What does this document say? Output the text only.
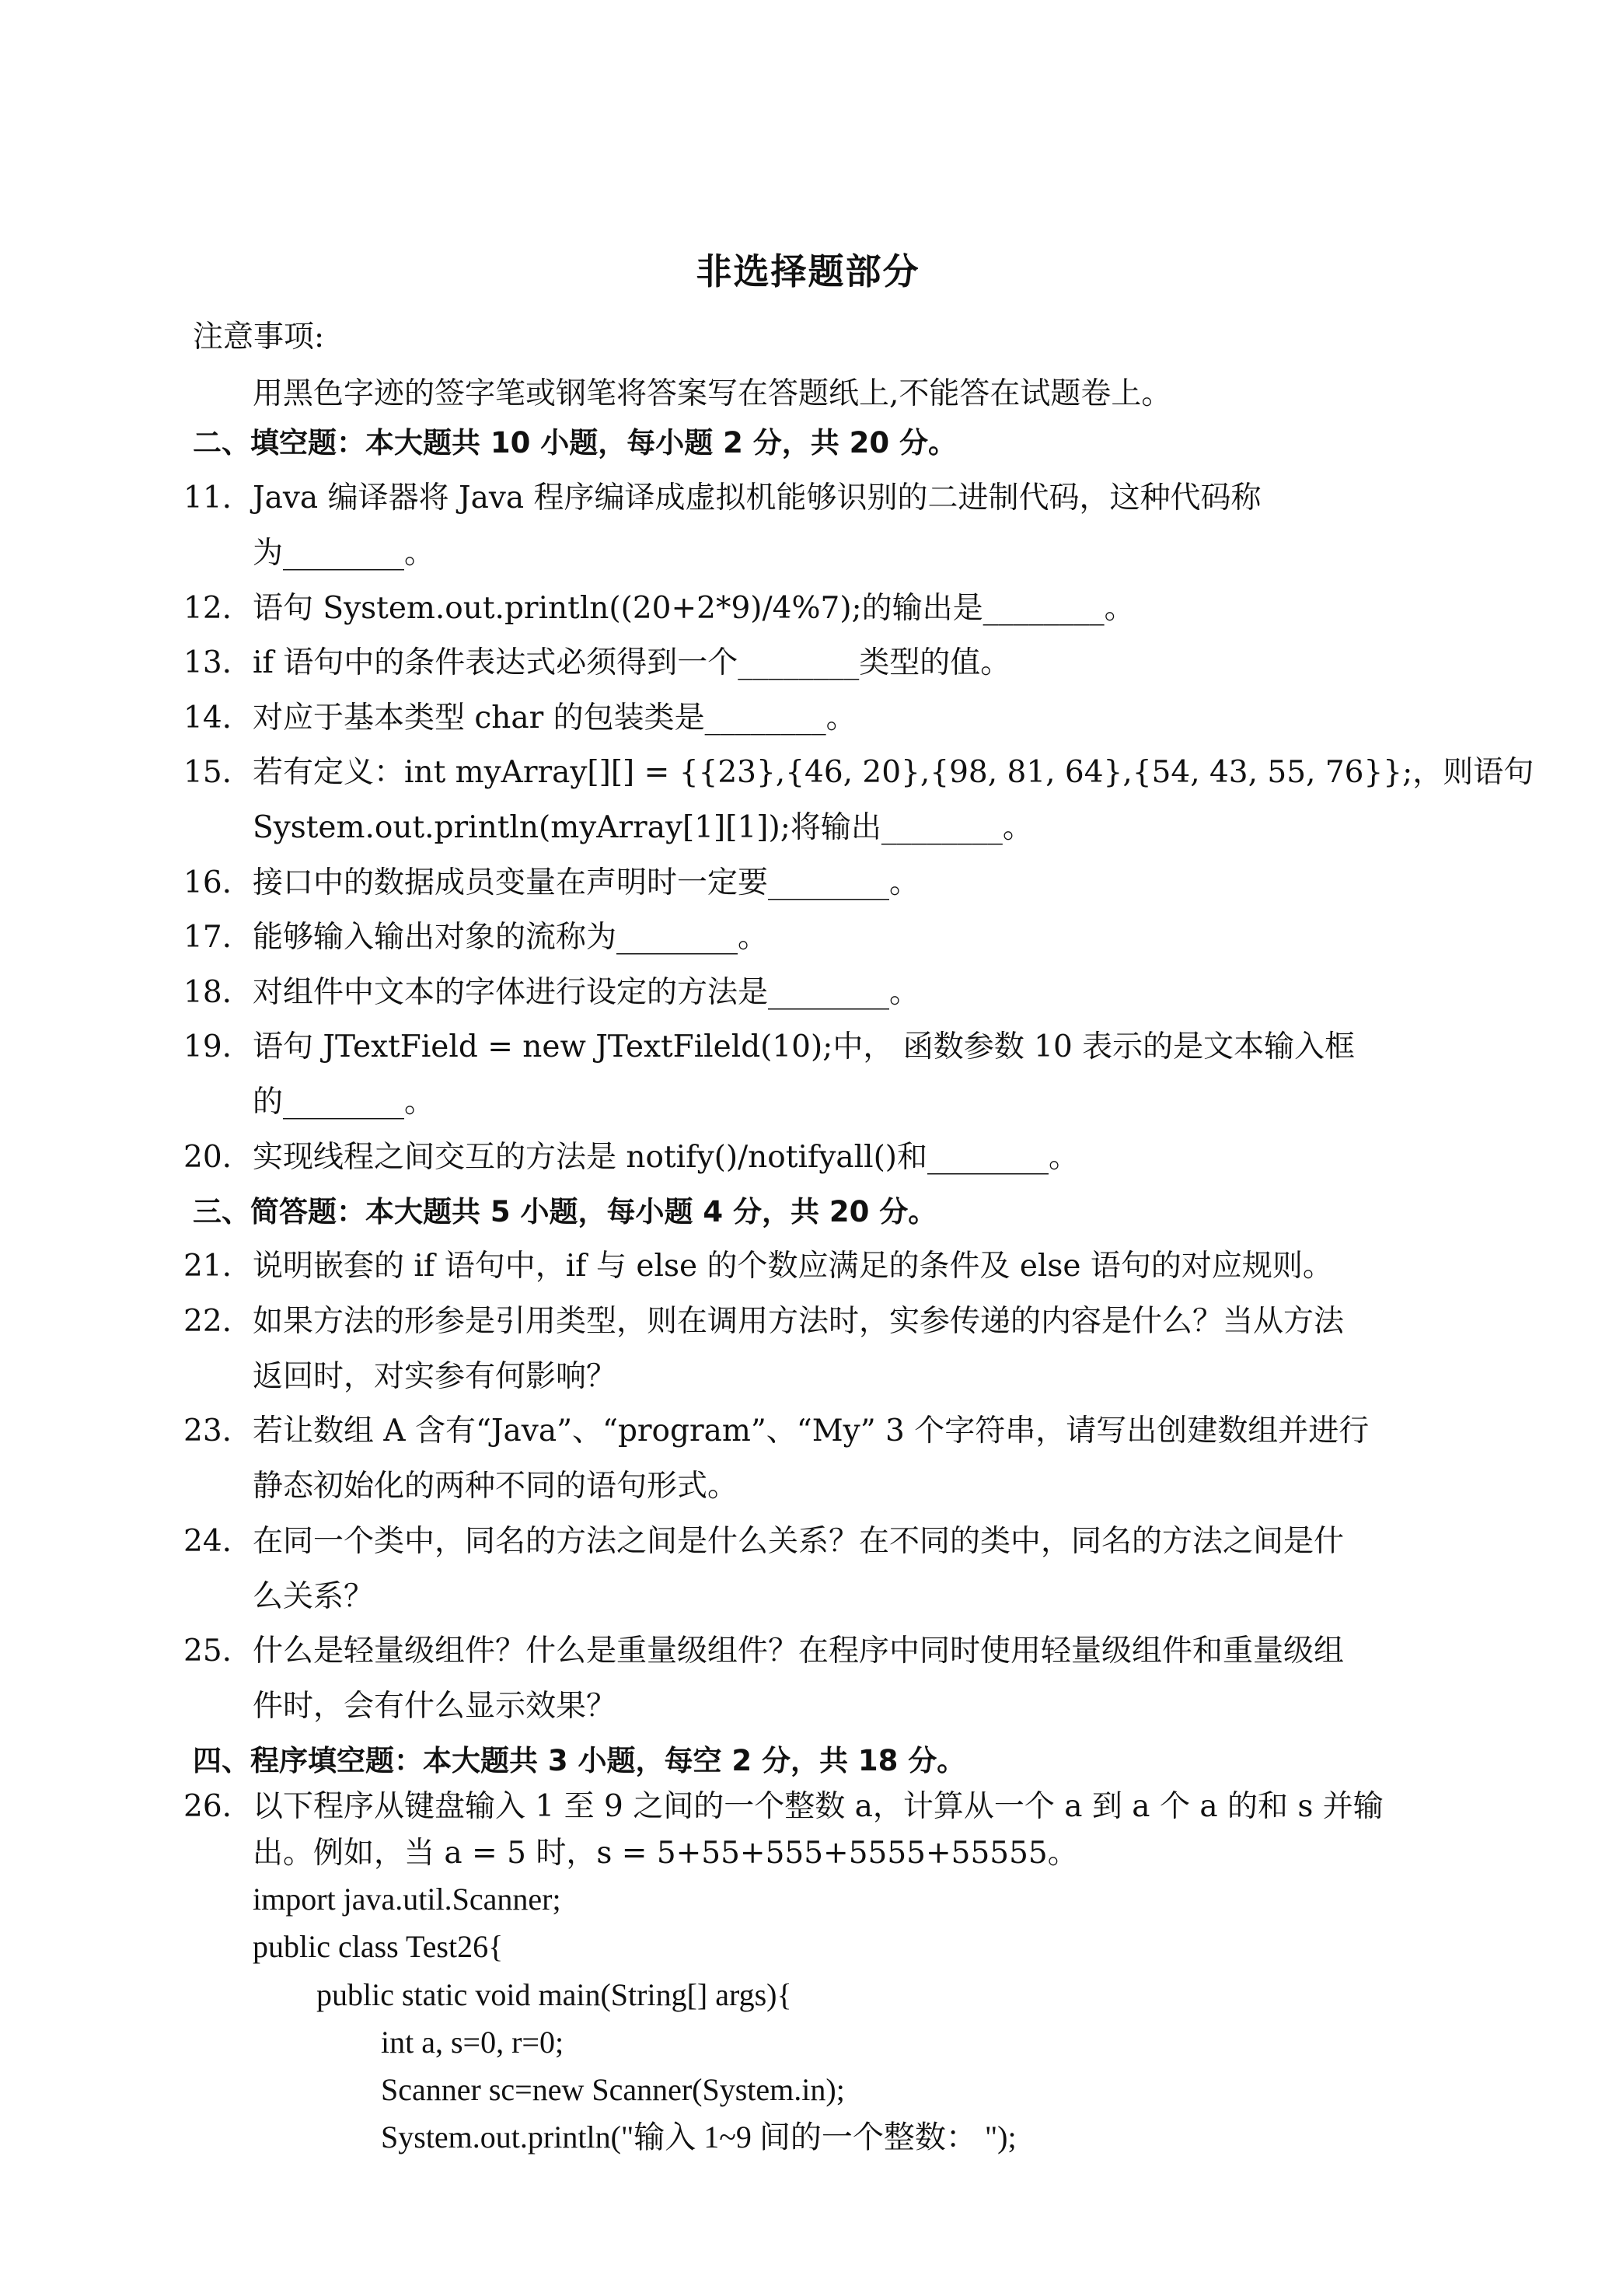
非选择题部分
注意事项:
用黑色字迹的签字笔或钢笔将答案写在答题纸上,不能答在试题卷上。
二、填空题：本大题共 10 小题，每小题 2 分，共 20 分。
11. Java 编译器将 Java 程序编译成虚拟机能够识别的二进制代码，这种代码称
为________。
12. 语句 System.out.println((20+2*9)/4%7);的输出是________。
13. if 语句中的条件表达式必须得到一个________类型的值。
14. 对应于基本类型 char 的包装类是________。
15. 若有定义：int myArray[][] = {{23},{46, 20},{98, 81, 64},{54, 43, 55, 76}};，则语句
System.out.println(myArray[1][1]);将输出________。
16. 接口中的数据成员变量在声明时一定要________。
17. 能够输入输出对象的流称为________。
18. 对组件中文本的字体进行设定的方法是________。
19. 语句 JTextField = new JTextFileld(10);中， 函数参数 10 表示的是文本输入框
的________。
20. 实现线程之间交互的方法是 notify()/notifyall()和________。
三、简答题：本大题共 5 小题，每小题 4 分，共 20 分。
21. 说明嵌套的 if 语句中，if 与 else 的个数应满足的条件及 else 语句的对应规则。
22. 如果方法的形参是引用类型，则在调用方法时，实参传递的内容是什么？当从方法
返回时，对实参有何影响？
23. 若让数组 A 含有“Java”、“program”、“My” 3 个字符串，请写出创建数组并进行
静态初始化的两种不同的语句形式。
24. 在同一个类中，同名的方法之间是什么关系？在不同的类中，同名的方法之间是什
么关系？
25. 什么是轻量级组件？什么是重量级组件？在程序中同时使用轻量级组件和重量级组
件时，会有什么显示效果？
四、程序填空题：本大题共 3 小题，每空 2 分，共 18 分。
26. 以下程序从键盘输入 1 至 9 之间的一个整数 a，计算从一个 a 到 a 个 a 的和 s 并输
出。例如，当 a = 5 时，s = 5+55+555+5555+55555。
import java.util.Scanner;
public class Test26{
public static void main(String[] args){
int a, s=0, r=0;
Scanner sc=new Scanner(System.in);
System.out.println("输入 1~9 间的一个整数： ");
